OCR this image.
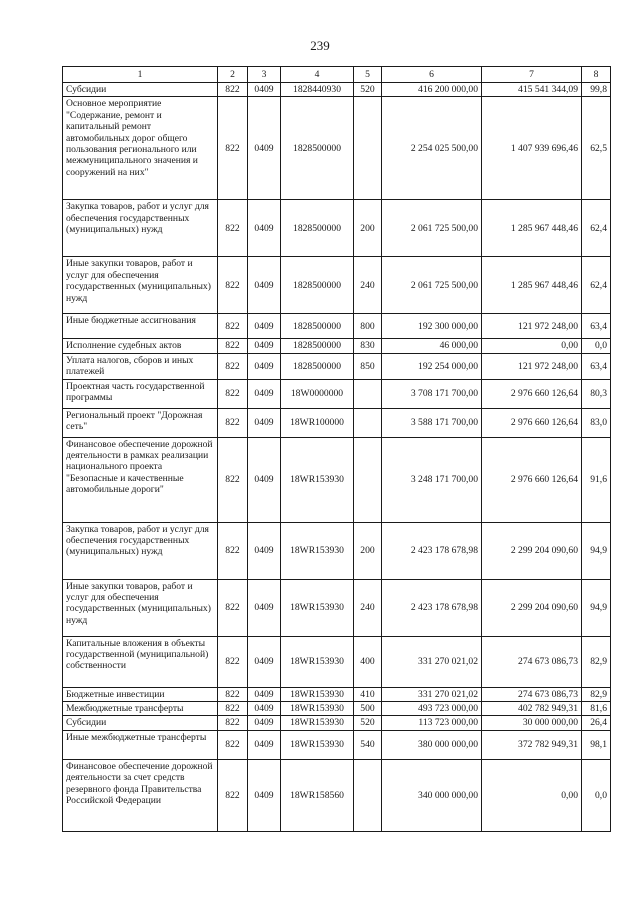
239
1	2	3	4	5	6	7	8
Субсидии	822	0409	1828440930	520	416 200 000,00	415 541 344,09	99,8
Основное мероприятие "Содержание, ремонт и капитальный ремонт автомобильных дорог общего пользования регионального или межмуниципального значения и сооружений на них"	822	0409	1828500000		2 254 025 500,00	1 407 939 696,46	62,5
Закупка товаров, работ и услуг для обеспечения государственных (муниципальных) нужд	822	0409	1828500000	200	2 061 725 500,00	1 285 967 448,46	62,4
Иные закупки товаров, работ и услуг для обеспечения государственных (муниципальных) нужд	822	0409	1828500000	240	2 061 725 500,00	1 285 967 448,46	62,4
Иные бюджетные ассигнования	822	0409	1828500000	800	192 300 000,00	121 972 248,00	63,4
Исполнение судебных актов	822	0409	1828500000	830	46 000,00	0,00	0,0
Уплата налогов, сборов и иных платежей	822	0409	1828500000	850	192 254 000,00	121 972 248,00	63,4
Проектная часть государственной программы	822	0409	18W0000000		3 708 171 700,00	2 976 660 126,64	80,3
Региональный проект "Дорожная сеть"	822	0409	18WR100000		3 588 171 700,00	2 976 660 126,64	83,0
Финансовое обеспечение дорожной деятельности в рамках реализации национального проекта "Безопасные и качественные автомобильные дороги"	822	0409	18WR153930		3 248 171 700,00	2 976 660 126,64	91,6
Закупка товаров, работ и услуг для обеспечения государственных (муниципальных) нужд	822	0409	18WR153930	200	2 423 178 678,98	2 299 204 090,60	94,9
Иные закупки товаров, работ и услуг для обеспечения государственных (муниципальных) нужд	822	0409	18WR153930	240	2 423 178 678,98	2 299 204 090,60	94,9
Капитальные вложения в объекты государственной (муниципальной) собственности	822	0409	18WR153930	400	331 270 021,02	274 673 086,73	82,9
Бюджетные инвестиции	822	0409	18WR153930	410	331 270 021,02	274 673 086,73	82,9
Межбюджетные трансферты	822	0409	18WR153930	500	493 723 000,00	402 782 949,31	81,6
Субсидии	822	0409	18WR153930	520	113 723 000,00	30 000 000,00	26,4
Иные межбюджетные трансферты	822	0409	18WR153930	540	380 000 000,00	372 782 949,31	98,1
Финансовое обеспечение дорожной деятельности за счет средств резервного фонда Правительства Российской Федерации	822	0409	18WR158560		340 000 000,00	0,00	0,0
